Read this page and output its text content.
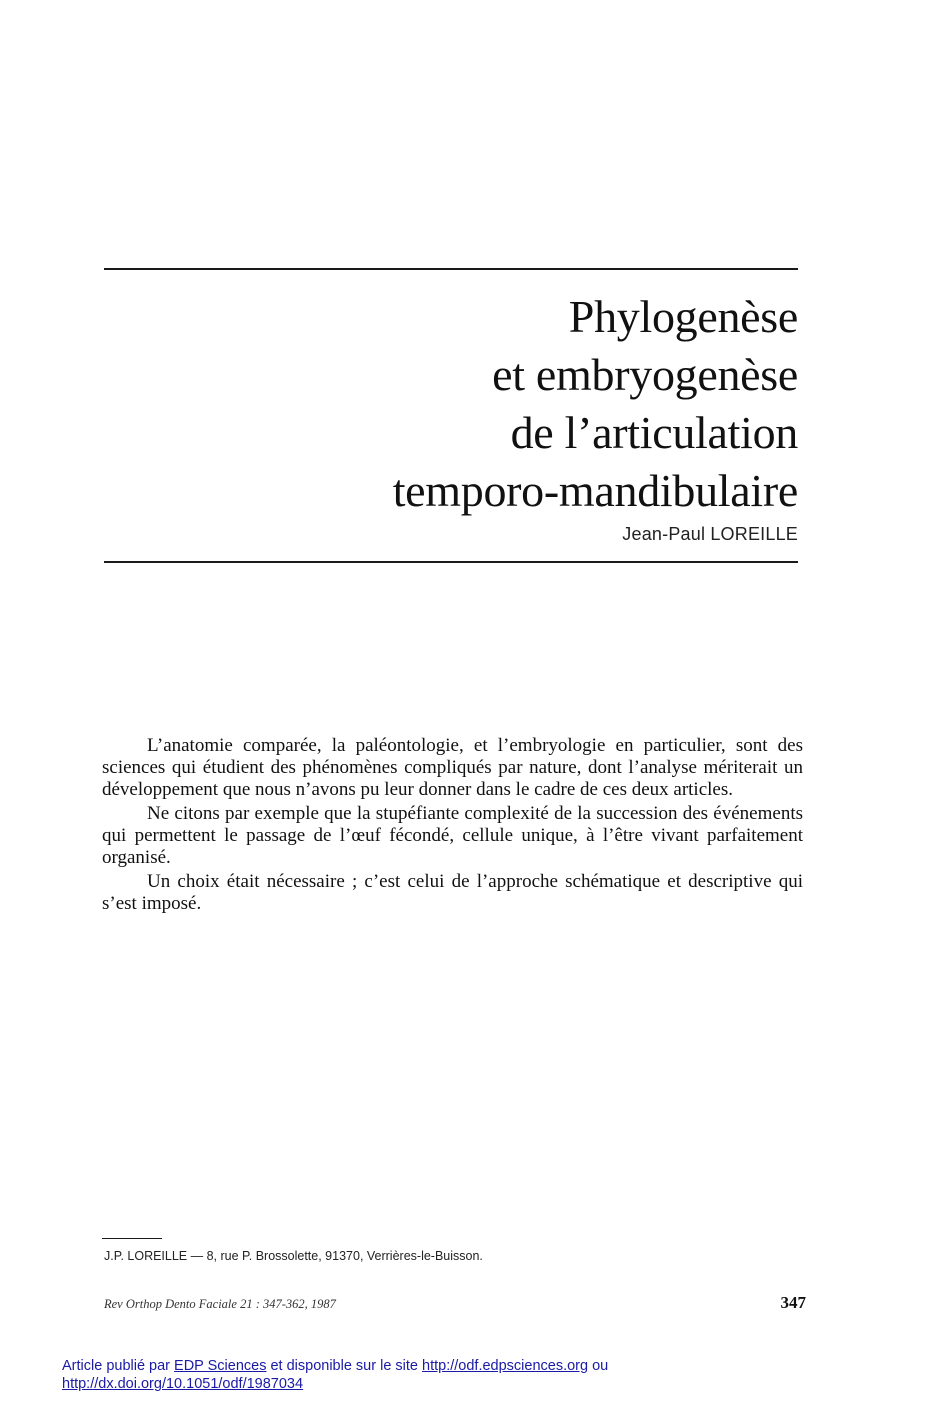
Phylogenèse
et embryogenèse
de l’articulation
temporo-mandibulaire
Jean-Paul LOREILLE

L’anatomie comparée, la paléontologie, et l’embryologie en particulier, sont des sciences qui étudient des phénomènes compliqués par nature, dont l’analyse mériterait un développement que nous n’avons pu leur donner dans le cadre de ces deux articles.

Ne citons par exemple que la stupéfiante complexité de la succession des événements qui permettent le passage de l’œuf fécondé, cellule unique, à l’être vivant parfaitement organisé.

Un choix était nécessaire ; c’est celui de l’approche schématique et descriptive qui s’est imposé.

J.P. LOREILLE — 8, rue P. Brossolette, 91370, Verrières-le-Buisson.
Rev Orthop Dento Faciale 21 : 347-362, 1987	347
Article publié par EDP Sciences et disponible sur le site http://odf.edpsciences.org ou
http://dx.doi.org/10.1051/odf/1987034
